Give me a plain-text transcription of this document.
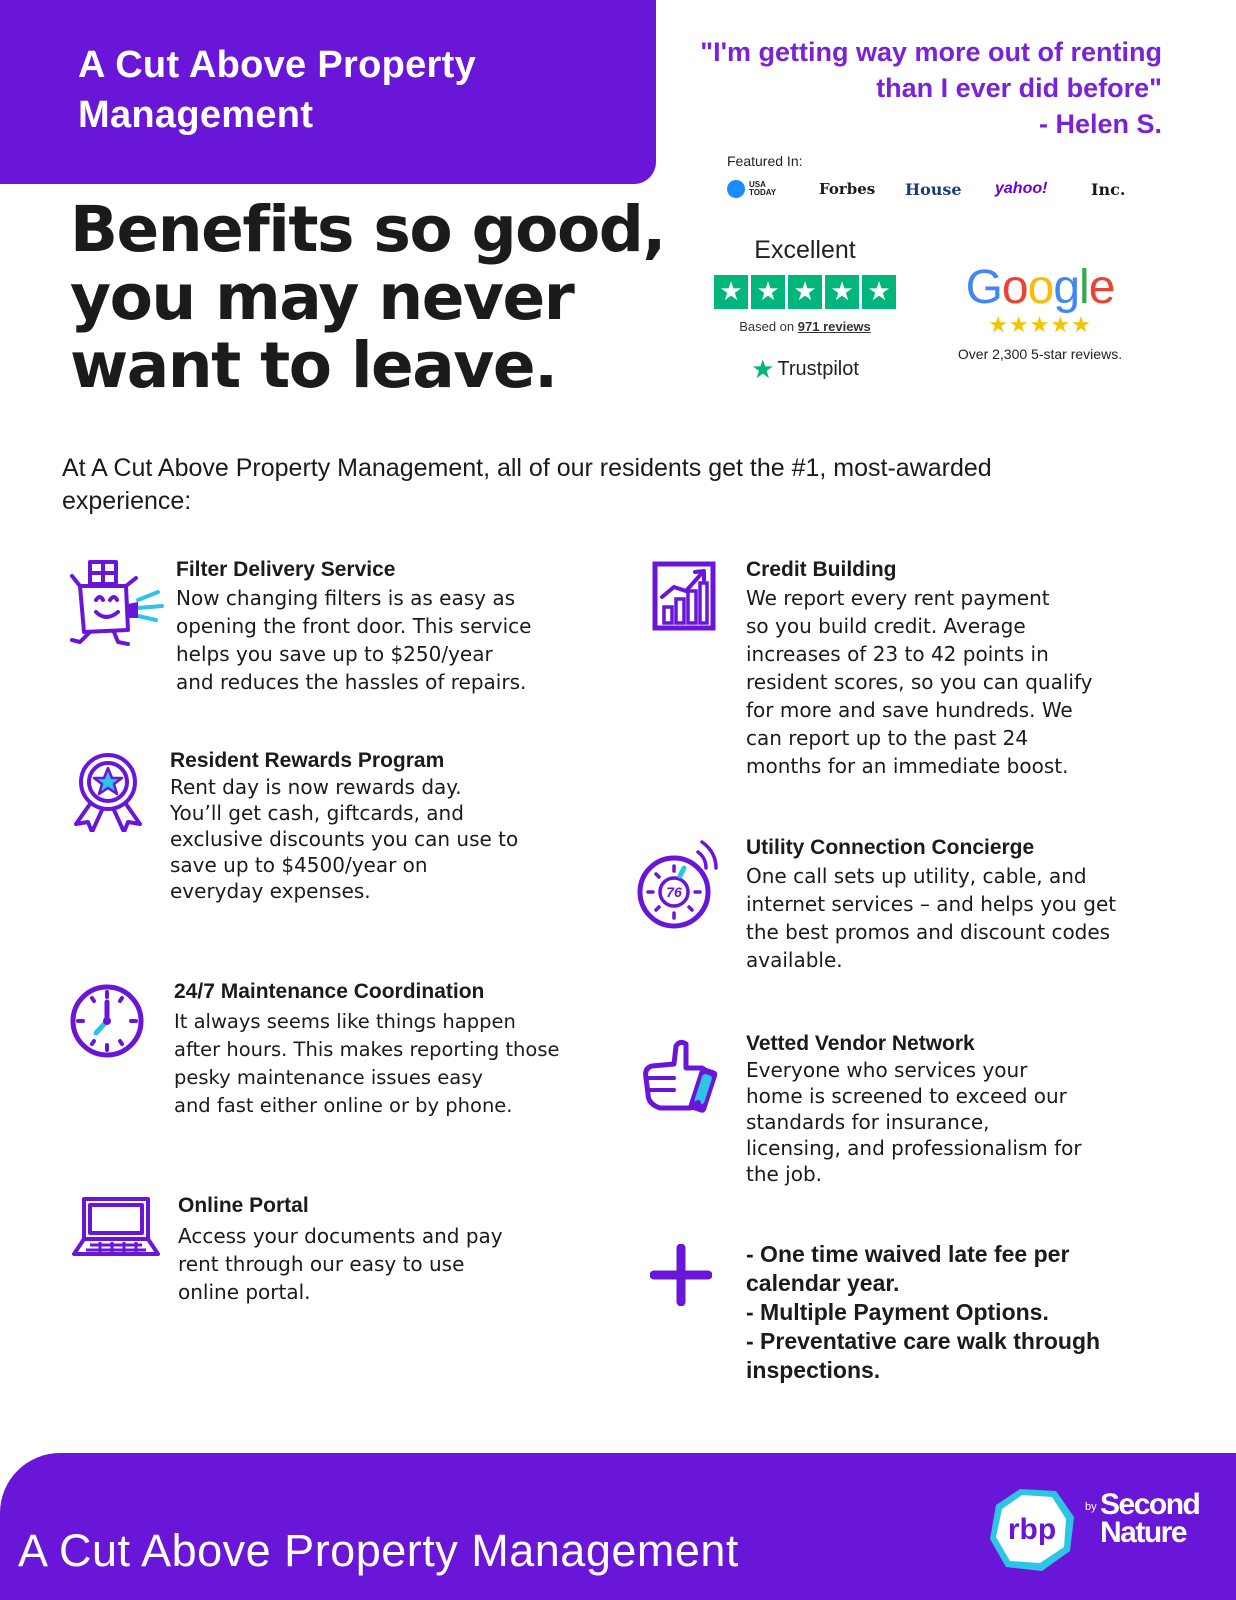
A Cut Above Property Management
"I'm getting way more out of renting
than I ever did before"
- Helen S.
Featured In:
USA TODAY	Forbes	House	yahoo!	Inc.
Benefits so good, you may never want to leave.
Excellent
★ ★ ★ ★ ★
Based on 971 reviews
★ Trustpilot
Google
★★★★★
Over 2,300 5-star reviews.
At A Cut Above Property Management, all of our residents get the #1, most-awarded experience:
Filter Delivery Service
Now changing filters is as easy as
opening the front door. This service
helps you save up to $250/year
and reduces the hassles of repairs.
Resident Rewards Program
Rent day is now rewards day.
You’ll get cash, giftcards, and
exclusive discounts you can use to
save up to $4500/year on
everyday expenses.
24/7 Maintenance Coordination
It always seems like things happen
after hours. This makes reporting those
pesky maintenance issues easy
and fast either online or by phone.
Online Portal
Access your documents and pay
rent through our easy to use
online portal.
Credit Building
We report every rent payment
so you build credit. Average
increases of 23 to 42 points in
resident scores, so you can qualify
for more and save hundreds. We
can report up to the past 24
months for an immediate boost.
76
Utility Connection Concierge
One call sets up utility, cable, and
internet services – and helps you get
the best promos and discount codes
available.
Vetted Vendor Network
Everyone who services your
home is screened to exceed our
standards for insurance,
licensing, and professionalism for
the job.
- One time waived late fee per
calendar year.
- Multiple Payment Options.
- Preventative care walk through
inspections.
A Cut Above Property Management	rbp
by Second
Nature
